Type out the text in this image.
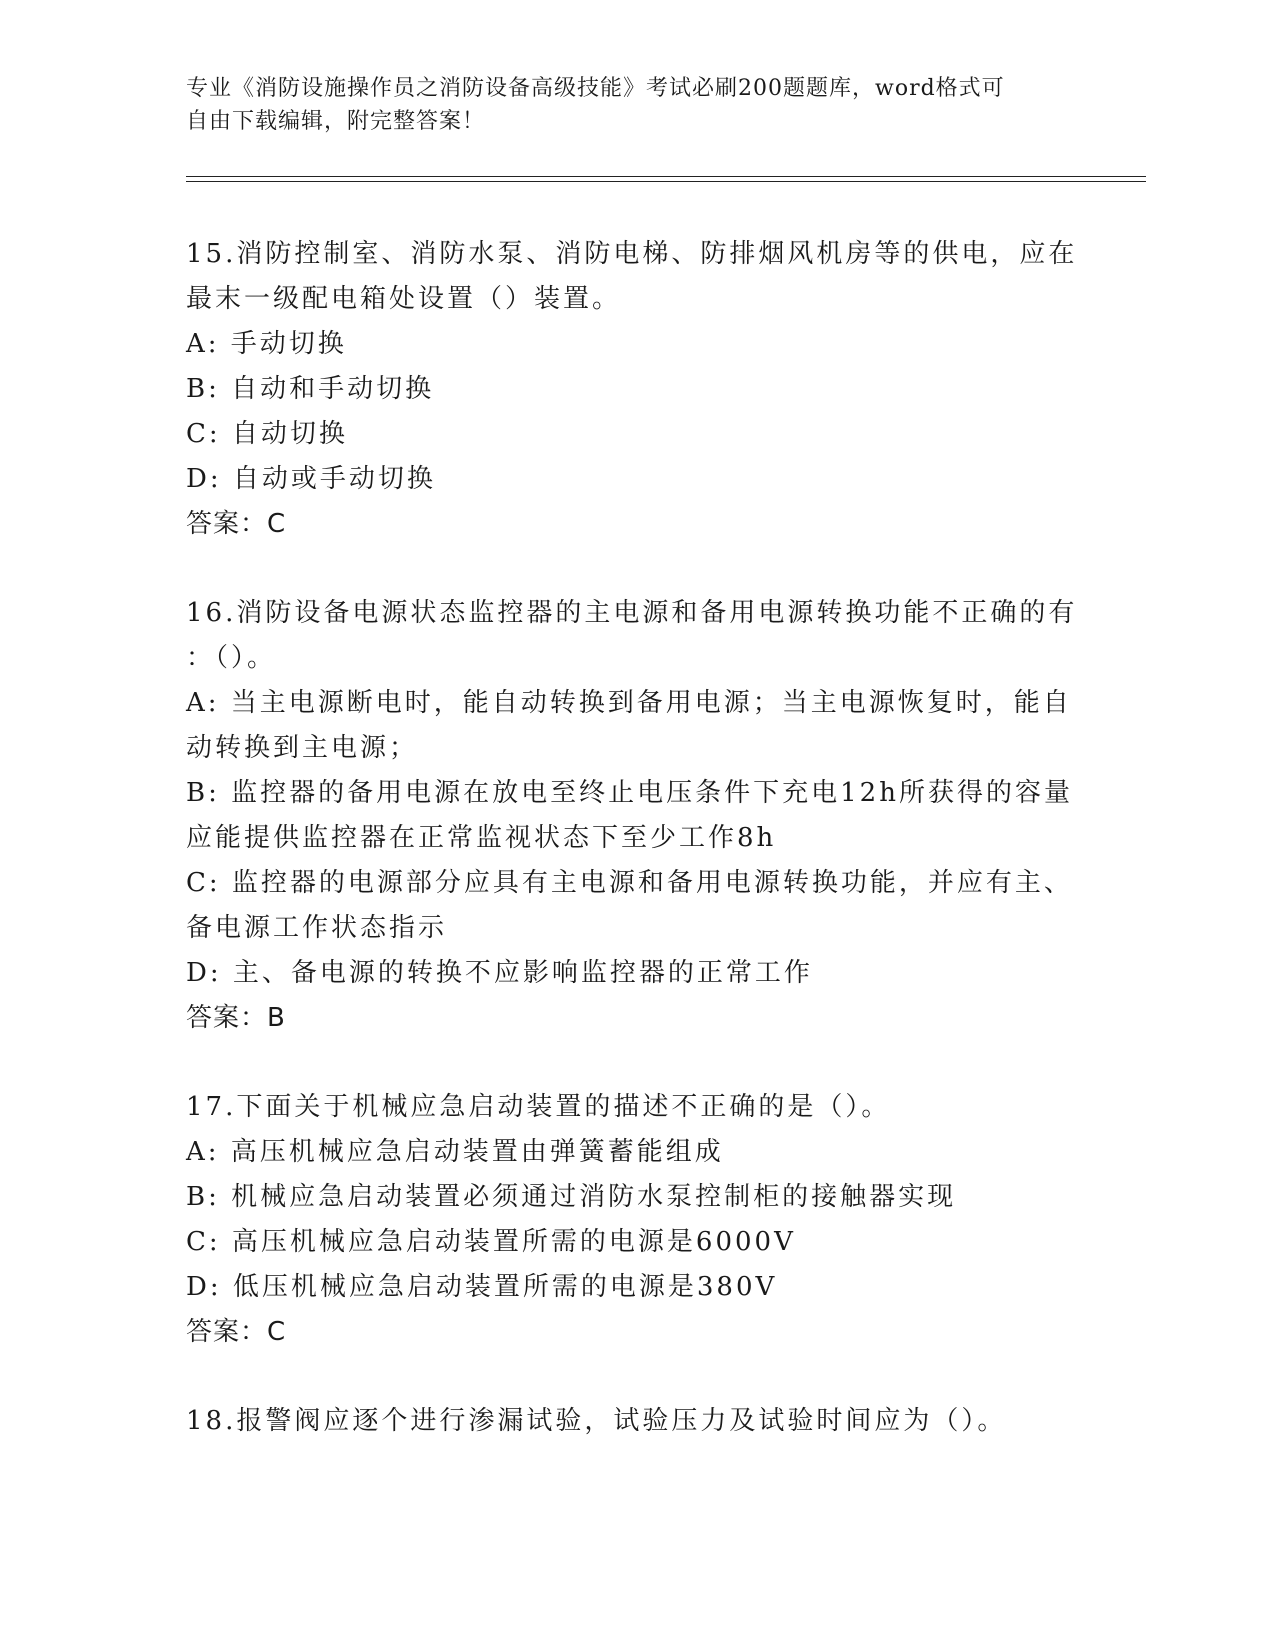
专业《消防设施操作员之消防设备高级技能》考试必刷200题题库，word格式可
自由下载编辑，附完整答案！
15.消防控制室、消防水泵、消防电梯、防排烟风机房等的供电，应在
最末一级配电箱处设置（）装置。
A: 手动切换
B: 自动和手动切换
C: 自动切换
D: 自动或手动切换
答案：C
16.消防设备电源状态监控器的主电源和备用电源转换功能不正确的有
：（）。
A: 当主电源断电时，能自动转换到备用电源；当主电源恢复时，能自
动转换到主电源；
B: 监控器的备用电源在放电至终止电压条件下充电12h所获得的容量
应能提供监控器在正常监视状态下至少工作8h
C: 监控器的电源部分应具有主电源和备用电源转换功能，并应有主、
备电源工作状态指示
D: 主、备电源的转换不应影响监控器的正常工作
答案：B
17.下面关于机械应急启动装置的描述不正确的是（）。
A: 高压机械应急启动装置由弹簧蓄能组成
B: 机械应急启动装置必须通过消防水泵控制柜的接触器实现
C: 高压机械应急启动装置所需的电源是6000V
D: 低压机械应急启动装置所需的电源是380V
答案：C
18.报警阀应逐个进行渗漏试验，试验压力及试验时间应为（）。
